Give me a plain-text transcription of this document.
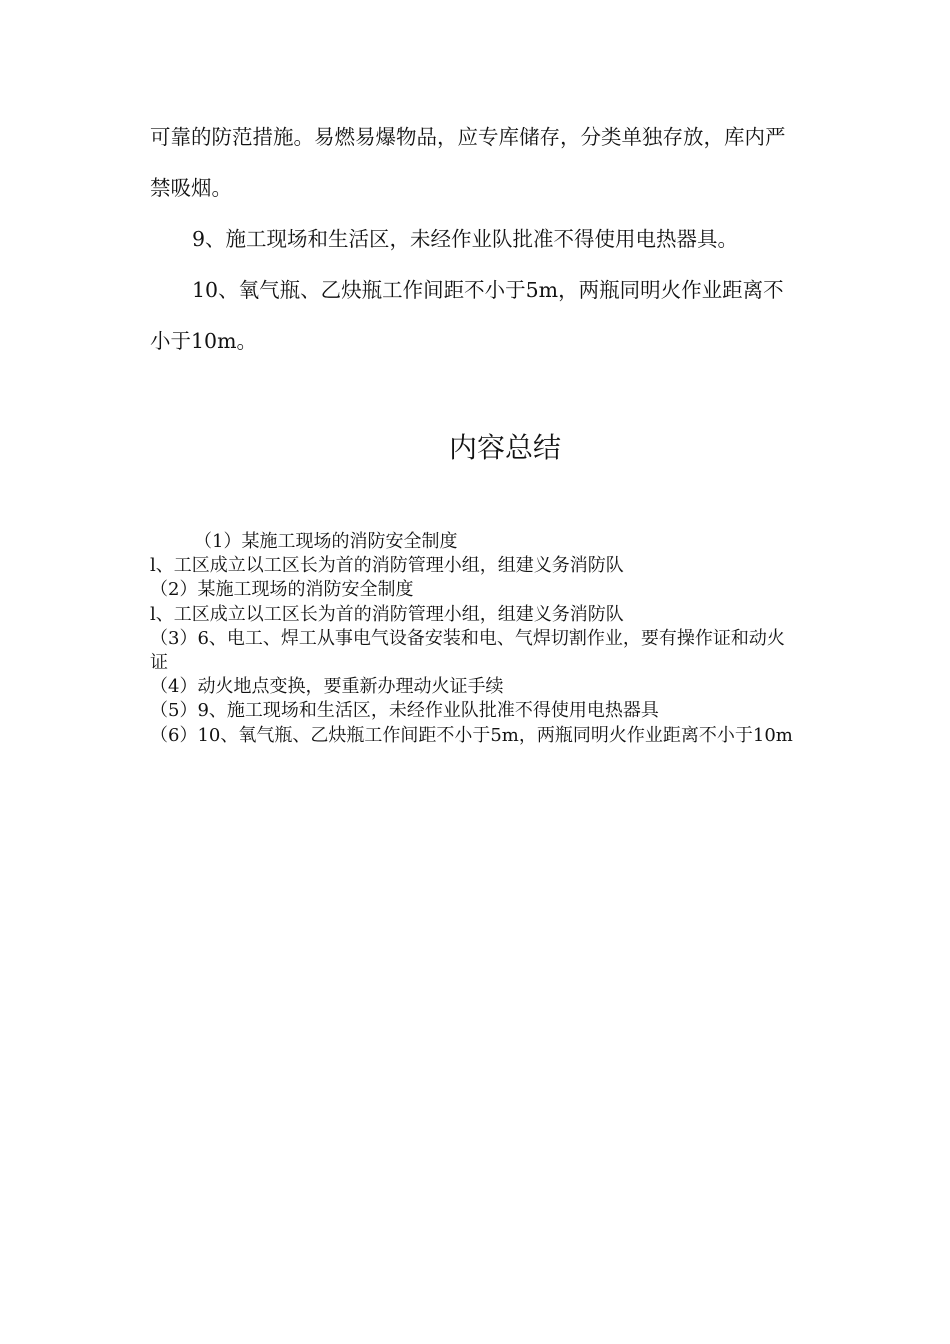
可靠的防范措施。易燃易爆物品，应专库储存，分类单独存放，库内严禁吸烟。

9、施工现场和生活区，未经作业队批准不得使用电热器具。

10、氧气瓶、乙炔瓶工作间距不小于5m，两瓶同明火作业距离不小于10m。

内容总结
（1）某施工现场的消防安全制度
l、工区成立以工区长为首的消防管理小组，组建义务消防队
（2）某施工现场的消防安全制度
l、工区成立以工区长为首的消防管理小组，组建义务消防队
（3）6、电工、焊工从事电气设备安装和电、气焊切割作业，要有操作证和动火证
（4）动火地点变换，要重新办理动火证手续
（5）9、施工现场和生活区，未经作业队批准不得使用电热器具
（6）10、氧气瓶、乙炔瓶工作间距不小于5m，两瓶同明火作业距离不小于10m
